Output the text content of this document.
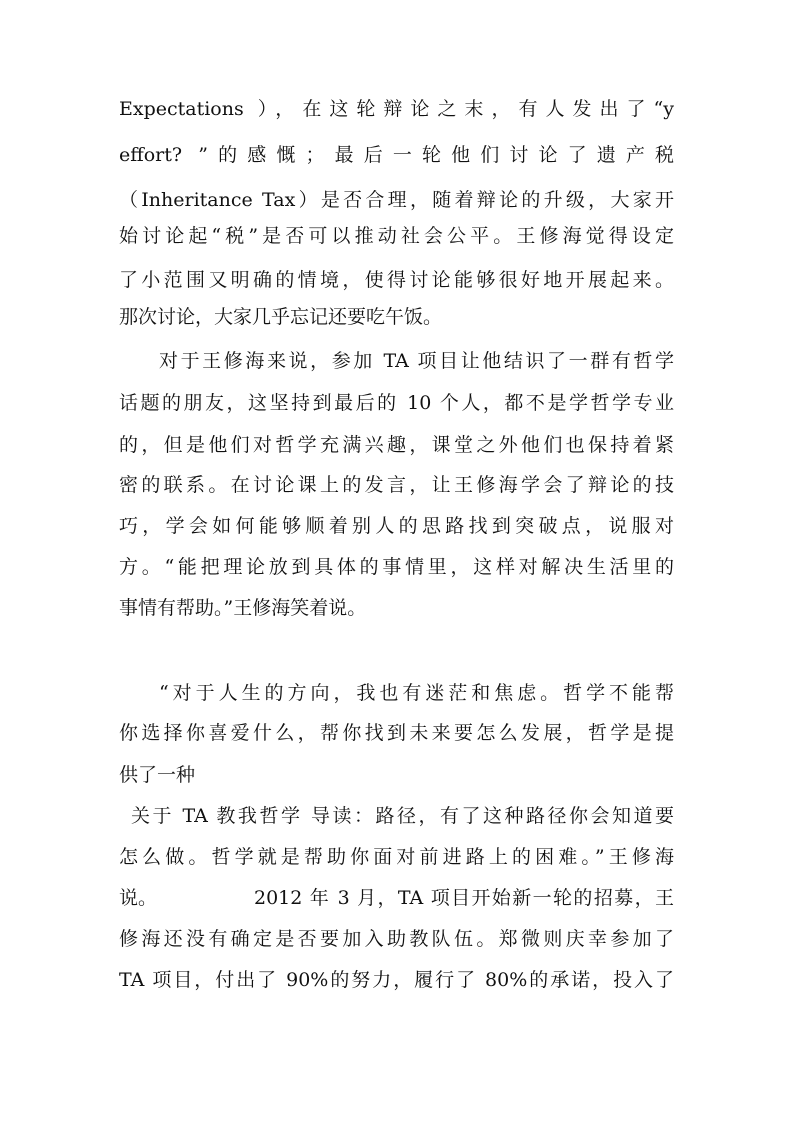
Expectations ），在这轮辩论之末，有人发出了“y
effort? ”的感慨；最后一轮他们讨论了遗产税
（Inheritance Tax）是否合理，随着辩论的升级，大家开
始讨论起“税”是否可以推动社会公平。王修海觉得设定
了小范围又明确的情境，使得讨论能够很好地开展起来。
那次讨论，大家几乎忘记还要吃午饭。
对于王修海来说，参加 TA 项目让他结识了一群有哲学
话题的朋友，这坚持到最后的 10 个人，都不是学哲学专业
的，但是他们对哲学充满兴趣，课堂之外他们也保持着紧
密的联系。在讨论课上的发言，让王修海学会了辩论的技
巧，学会如何能够顺着别人的思路找到突破点，说服对
方。“能把理论放到具体的事情里，这样对解决生活里的
事情有帮助。”王修海笑着说。
“对于人生的方向，我也有迷茫和焦虑。哲学不能帮
你选择你喜爱什么，帮你找到未来要怎么发展，哲学是提
供了一种
关于 TA 教我哲学 导读：路径，有了这种路径你会知道要
怎么做。哲学就是帮助你面对前进路上的困难。”王修海
说。	2012 年 3 月，TA 项目开始新一轮的招募，王
修海还没有确定是否要加入助教队伍。郑微则庆幸参加了
TA 项目，付出了 90%的努力，履行了 80%的承诺，投入了
